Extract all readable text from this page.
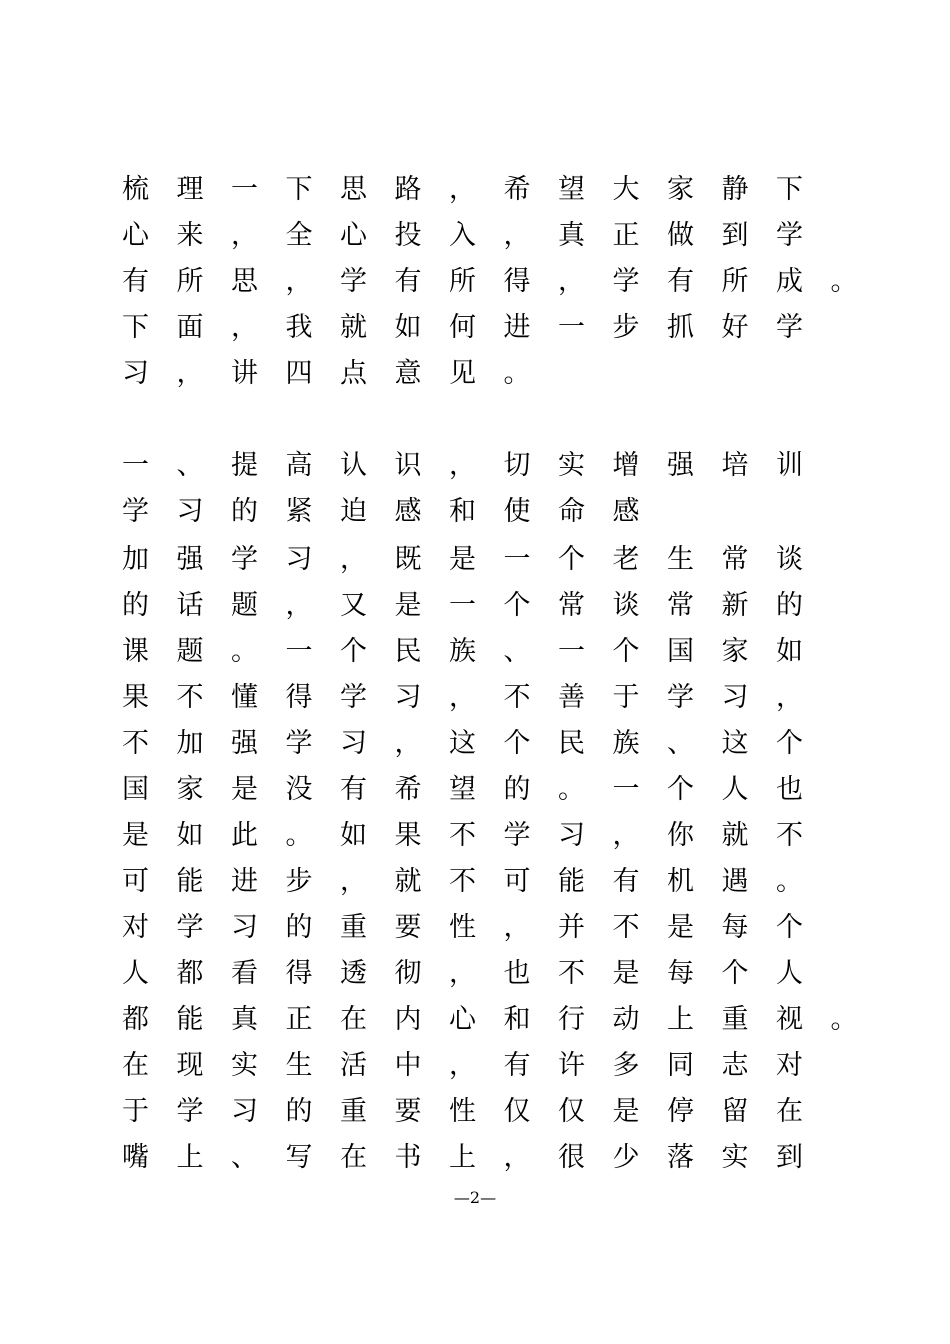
梳理一下思路，希望大家静下
心来，全心投入，真正做到学
有所思，学有所得，学有所成。
下面，我就如何进一步抓好学
习，讲四点意见。
一、提高认识，切实增强培训
学习的紧迫感和使命感
加强学习，既是一个老生常谈
的话题，又是一个常谈常新的
课题。一个民族、一个国家如
果不懂得学习，不善于学习，
不加强学习，这个民族、这个
国家是没有希望的。一个人也
是如此。如果不学习，你就不
可能进步，就不可能有机遇。
对学习的重要性，并不是每个
人都看得透彻，也不是每个人
都能真正在内心和行动上重视。
在现实生活中，有许多同志对
于学习的重要性仅仅是停留在
嘴上、写在书上，很少落实到
—2—
